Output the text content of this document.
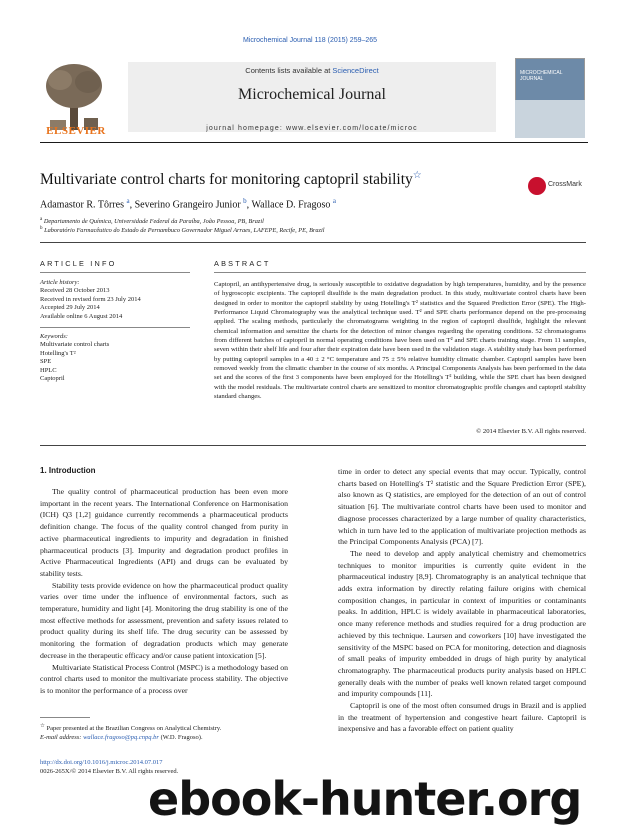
Microchemical Journal 118 (2015) 259–265
ELSEVIER
Contents lists available at ScienceDirect
Microchemical Journal
journal homepage: www.elsevier.com/locate/microc
MICROCHEMICAL JOURNAL
Multivariate control charts for monitoring captopril stability☆
CrossMark
Adamastor R. Tôrres $^a$, Severino Grangeiro Junior $^b$, Wallace D. Fragoso $^a$
$^a$ Departamento de Química, Universidade Federal da Paraíba, João Pessoa, PB, Brazil
$^b$ Laboratório Farmacêutico do Estado de Pernambuco Governador Miguel Arraes, LAFEPE, Recife, PE, Brazil
ARTICLE INFO
Article history:
Received 28 October 2013
Received in revised form 23 July 2014
Accepted 29 July 2014
Available online 6 August 2014
Keywords:
Multivariate control charts
Hotelling's T²
SPE
HPLC
Captopril
ABSTRACT
Captopril, an antihypertensive drug, is seriously susceptible to oxidative degradation by high temperatures, humidity, and by the presence of hygroscopic excipients. The captopril disulfide is the main degradation product. In this study, multivariate control charts have been designed in order to monitor the captopril stability by using Hotelling's T² statistics and the Squared Prediction Error (SPE). The High-Performance Liquid Chromatography was the analytical technique used. T² and SPE charts performance depend on the pre-processing applied. The scaling methods, particularly the chromatograms weighting in the region of captopril disulfide, highlight the relevant chemical information and sensitize the charts for the detection of minor changes regarding the operating conditions. 52 chromatograms from different batches of captopril in normal operating conditions have been used on T² and SPE charts training stage. From 11 samples, seven within their shelf life and four after their expiration date have been used in the validation stage. A stability study has been performed by putting captopril samples in a 40 ± 2 °C temperature and 75 ± 5% relative humidity climatic chamber. Captopril samples have been removed weekly from the climatic chamber in the course of six months. A Principal Components Analysis has been performed in the data set and the scores of the first 3 components have been employed for the Hotelling's T² building, while the SPE chart has been designed with the model residuals. The multivariate control charts are sensitized to monitor chromatographic profile changes and captopril stability standard changes.
© 2014 Elsevier B.V. All rights reserved.
1. Introduction

The quality control of pharmaceutical production has been even more important in the recent years. The International Conference on Harmonisation (ICH) Q3 [1,2] guidance currently recommends a pharmaceutical products definition change. The focus of the quality control changed from purity in active pharmaceutical ingredients to impurity and degradation in finished pharmaceutical products [3]. Impurity and degradation product profiles in Active Pharmaceutical Ingredients (API) and drugs can be evaluated by stability tests.

Stability tests provide evidence on how the pharmaceutical product quality varies over time under the influence of environmental factors, such as temperature, humidity and light [4]. Monitoring the drug stability is one of the most effective methods for assessment, prevention and safety issues related to product quality during its shelf life. The drug security can be assessed by monitoring the formation of degradation products which may generate decrease in the therapeutic efficacy and/or cause patient intoxication [5].

Multivariate Statistical Process Control (MSPC) is a methodology based on control charts used to monitor the multivariate process stability. The objective is to monitor the performance of a process over

time in order to detect any special events that may occur. Typically, control charts based on Hotelling's T² statistic and the Square Prediction Error (SPE), also known as Q statistics, are employed for the detection of an out of control situation [6]. The multivariate control charts have been used to monitor and diagnose processes characterized by a large number of quality characteristics, which in turn have led to the application of multivariate projection methods as the Principal Components Analysis (PCA) [7].

The need to develop and apply analytical chemistry and chemometrics techniques to monitor impurities is currently quite evident in the pharmaceutical industry [8,9]. Chromatography is an analytical technique that adds extra information by directly relating failure origins with chemical composition changes, in particular in context of impurities or contaminants peaks. In addition, HPLC is widely available in pharmaceutical laboratories, once many reference methods and studies required for a drug production are achieved by this technique. Laursen and coworkers [10] have investigated the sensitivity of the MSPC based on PCA for monitoring, detection and diagnosis of small peaks of impurity embedded in drugs of high purity by analytical chromatography. The pharmaceutical products purity analysis based on HPLC generally deals with the number of peaks well known related target compound and impurity compounds [11].

Captopril is one of the most often consumed drugs in Brazil and is applied in the treatment of hypertension and congestive heart failure. Captopril is inexpensive and has a favorable effect on patient quality

☆ Paper presented at the Brazilian Congress on Analytical Chemistry.
E-mail address: wallace.fragoso@pq.cnpq.br (W.D. Fragoso).
http://dx.doi.org/10.1016/j.microc.2014.07.017
0026-265X/© 2014 Elsevier B.V. All rights reserved.
ebook-hunter.org
